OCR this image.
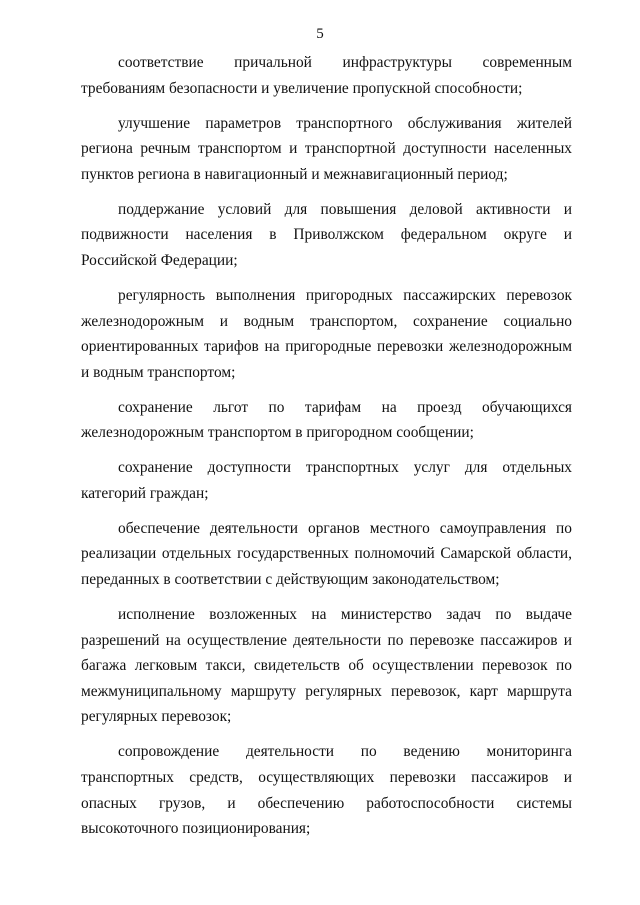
5

соответствие причальной инфраструктуры современным требованиям безопасности и увеличение пропускной способности;

улучшение параметров транспортного обслуживания жителей региона речным транспортом и транспортной доступности населенных пунктов региона в навигационный и межнавигационный период;

поддержание условий для повышения деловой активности и подвижности населения в Приволжском федеральном округе и Российской Федерации;

регулярность выполнения пригородных пассажирских перевозок железнодорожным и водным транспортом, сохранение социально ориентированных тарифов на пригородные перевозки железнодорожным и водным транспортом;

сохранение льгот по тарифам на проезд обучающихся железнодорожным транспортом в пригородном сообщении;

сохранение доступности транспортных услуг для отдельных категорий граждан;

обеспечение деятельности органов местного самоуправления по реализации отдельных государственных полномочий Самарской области, переданных в соответствии с действующим законодательством;

исполнение возложенных на министерство задач по выдаче разрешений на осуществление деятельности по перевозке пассажиров и багажа легковым такси, свидетельств об осуществлении перевозок по межмуниципальному маршруту регулярных перевозок, карт маршрута регулярных перевозок;

сопровождение деятельности по ведению мониторинга транспортных средств, осуществляющих перевозки пассажиров и опасных грузов, и обеспечению работоспособности системы высокоточного позиционирования;
